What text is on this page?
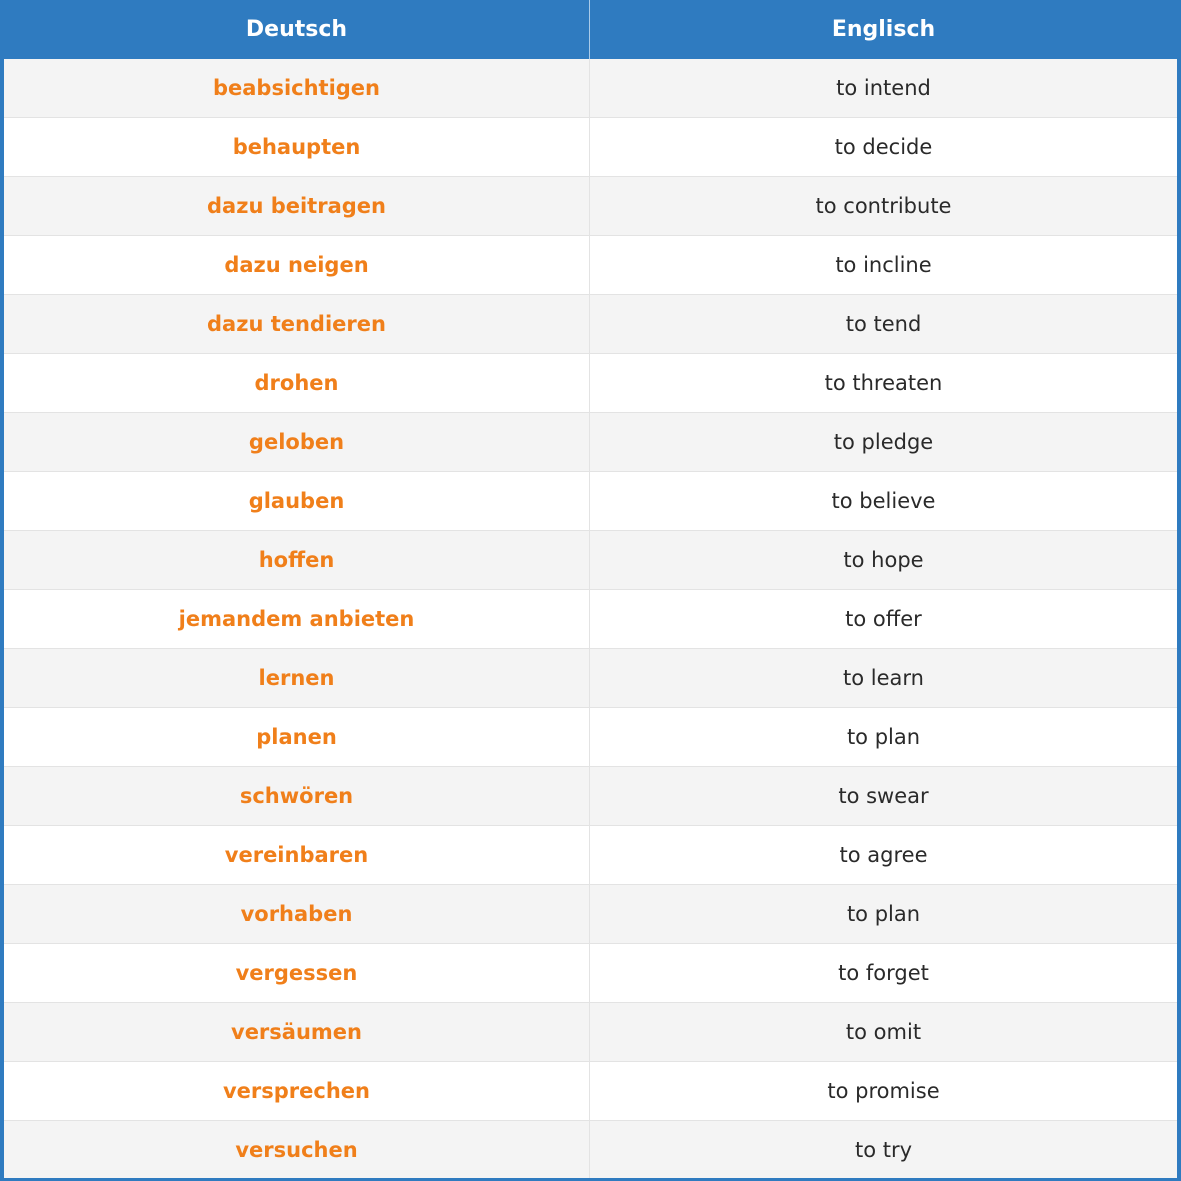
Deutsch	Englisch
beabsichtigen	to intend
behaupten	to decide
dazu beitragen	to contribute
dazu neigen	to incline
dazu tendieren	to tend
drohen	to threaten
geloben	to pledge
glauben	to believe
hoffen	to hope
jemandem anbieten	to offer
lernen	to learn
planen	to plan
schwören	to swear
vereinbaren	to agree
vorhaben	to plan
vergessen	to forget
versäumen	to omit
versprechen	to promise
versuchen	to try
